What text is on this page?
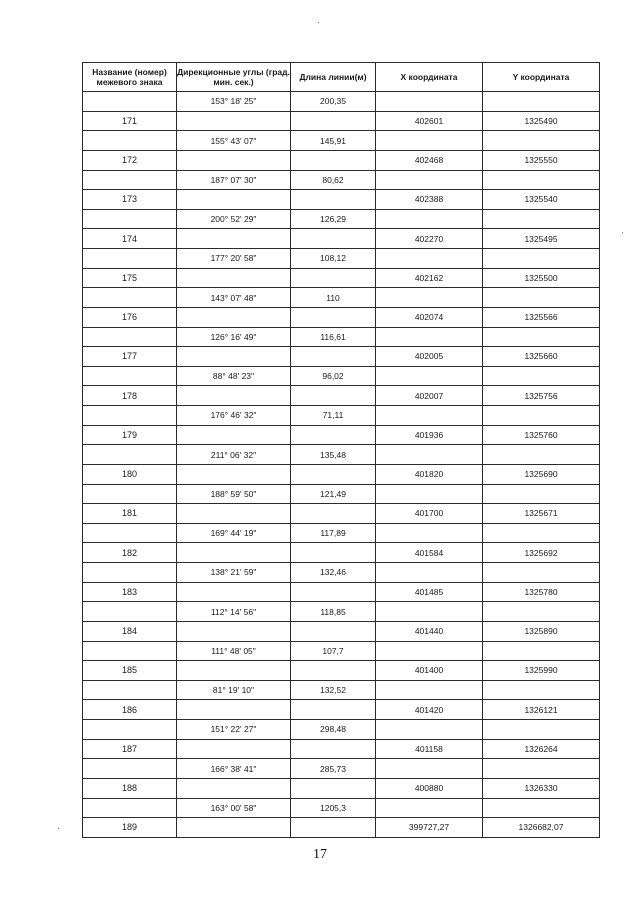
Название (номер) межевого знака	Дирекционные углы (град. мин. сек.)	Длина линии(м)	X координата	Y координата
	153° 18' 25"	200,35		
171			402601	1325490
	155° 43' 07"	145,91		
172			402468	1325550
	187° 07' 30"	80,62		
173			402388	1325540
	200° 52' 29"	126,29		
174			402270	1325495
	177° 20' 58"	108,12		
175			402162	1325500
	143° 07' 48"	110		
176			402074	1325566
	126° 16' 49"	116,61		
177			402005	1325660
	88° 48' 23"	96,02		
178			402007	1325756
	176° 46' 32"	71,11		
179			401936	1325760
	211° 06' 32"	135,48		
180			401820	1325690
	188° 59' 50"	121,49		
181			401700	1325671
	169° 44' 19"	117,89		
182			401584	1325692
	138° 21' 59"	132,46		
183			401485	1325780
	112° 14' 56"	118,85		
184			401440	1325890
	111° 48' 05"	107,7		
185			401400	1325990
	81° 19' 10"	132,52		
186			401420	1326121
	151° 22' 27"	298,48		
187			401158	1326264
	166° 38' 41"	285,73		
188			400880	1326330
	163° 00' 58"	1205,3		
189			399727,27	1326682,07
17
